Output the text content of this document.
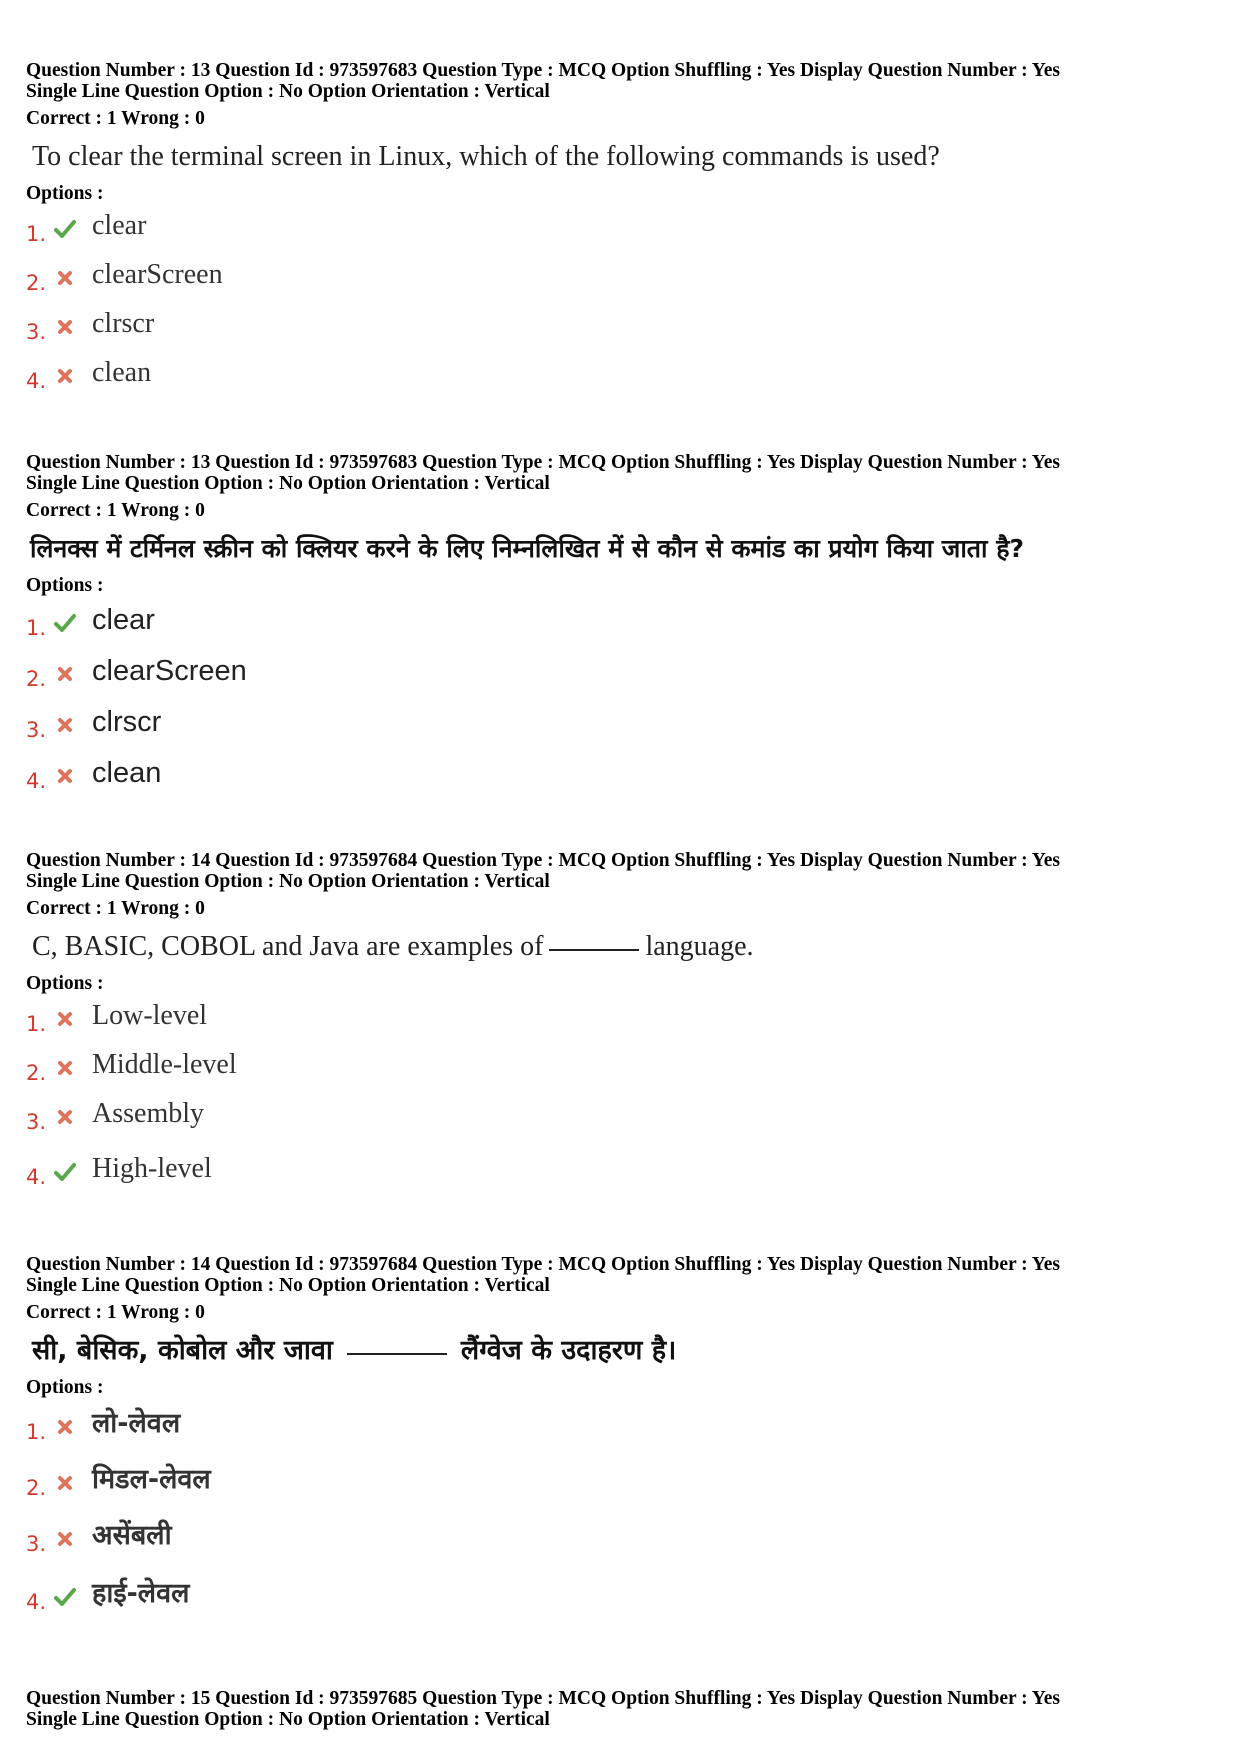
Question Number : 13 Question Id : 973597683 Question Type : MCQ Option Shuffling : Yes Display Question Number : Yes
Single Line Question Option : No Option Orientation : Vertical
Correct : 1 Wrong : 0
To clear the terminal screen in Linux, which of the following commands is used?
Options :
1. clear
2. clearScreen
3. clrscr
4. clean
Question Number : 13 Question Id : 973597683 Question Type : MCQ Option Shuffling : Yes Display Question Number : Yes
Single Line Question Option : No Option Orientation : Vertical
Correct : 1 Wrong : 0
लिनक्स में टर्मिनल स्क्रीन को क्लियर करने के लिए निम्नलिखित में से कौन से कमांड का प्रयोग किया जाता है?
Options :
1. clear
2. clearScreen
3. clrscr
4. clean
Question Number : 14 Question Id : 973597684 Question Type : MCQ Option Shuffling : Yes Display Question Number : Yes
Single Line Question Option : No Option Orientation : Vertical
Correct : 1 Wrong : 0
C, BASIC, COBOL and Java are examples of	language.
Options :
1. Low-level
2. Middle-level
3. Assembly
4. High-level
Question Number : 14 Question Id : 973597684 Question Type : MCQ Option Shuffling : Yes Display Question Number : Yes
Single Line Question Option : No Option Orientation : Vertical
Correct : 1 Wrong : 0
सी, बेसिक, कोबोल और जावा	लैंग्वेज के उदाहरण है।
Options :
1. लो-लेवल
2. मिडल-लेवल
3. असेंबली
4. हाई-लेवल
Question Number : 15 Question Id : 973597685 Question Type : MCQ Option Shuffling : Yes Display Question Number : Yes
Single Line Question Option : No Option Orientation : Vertical
